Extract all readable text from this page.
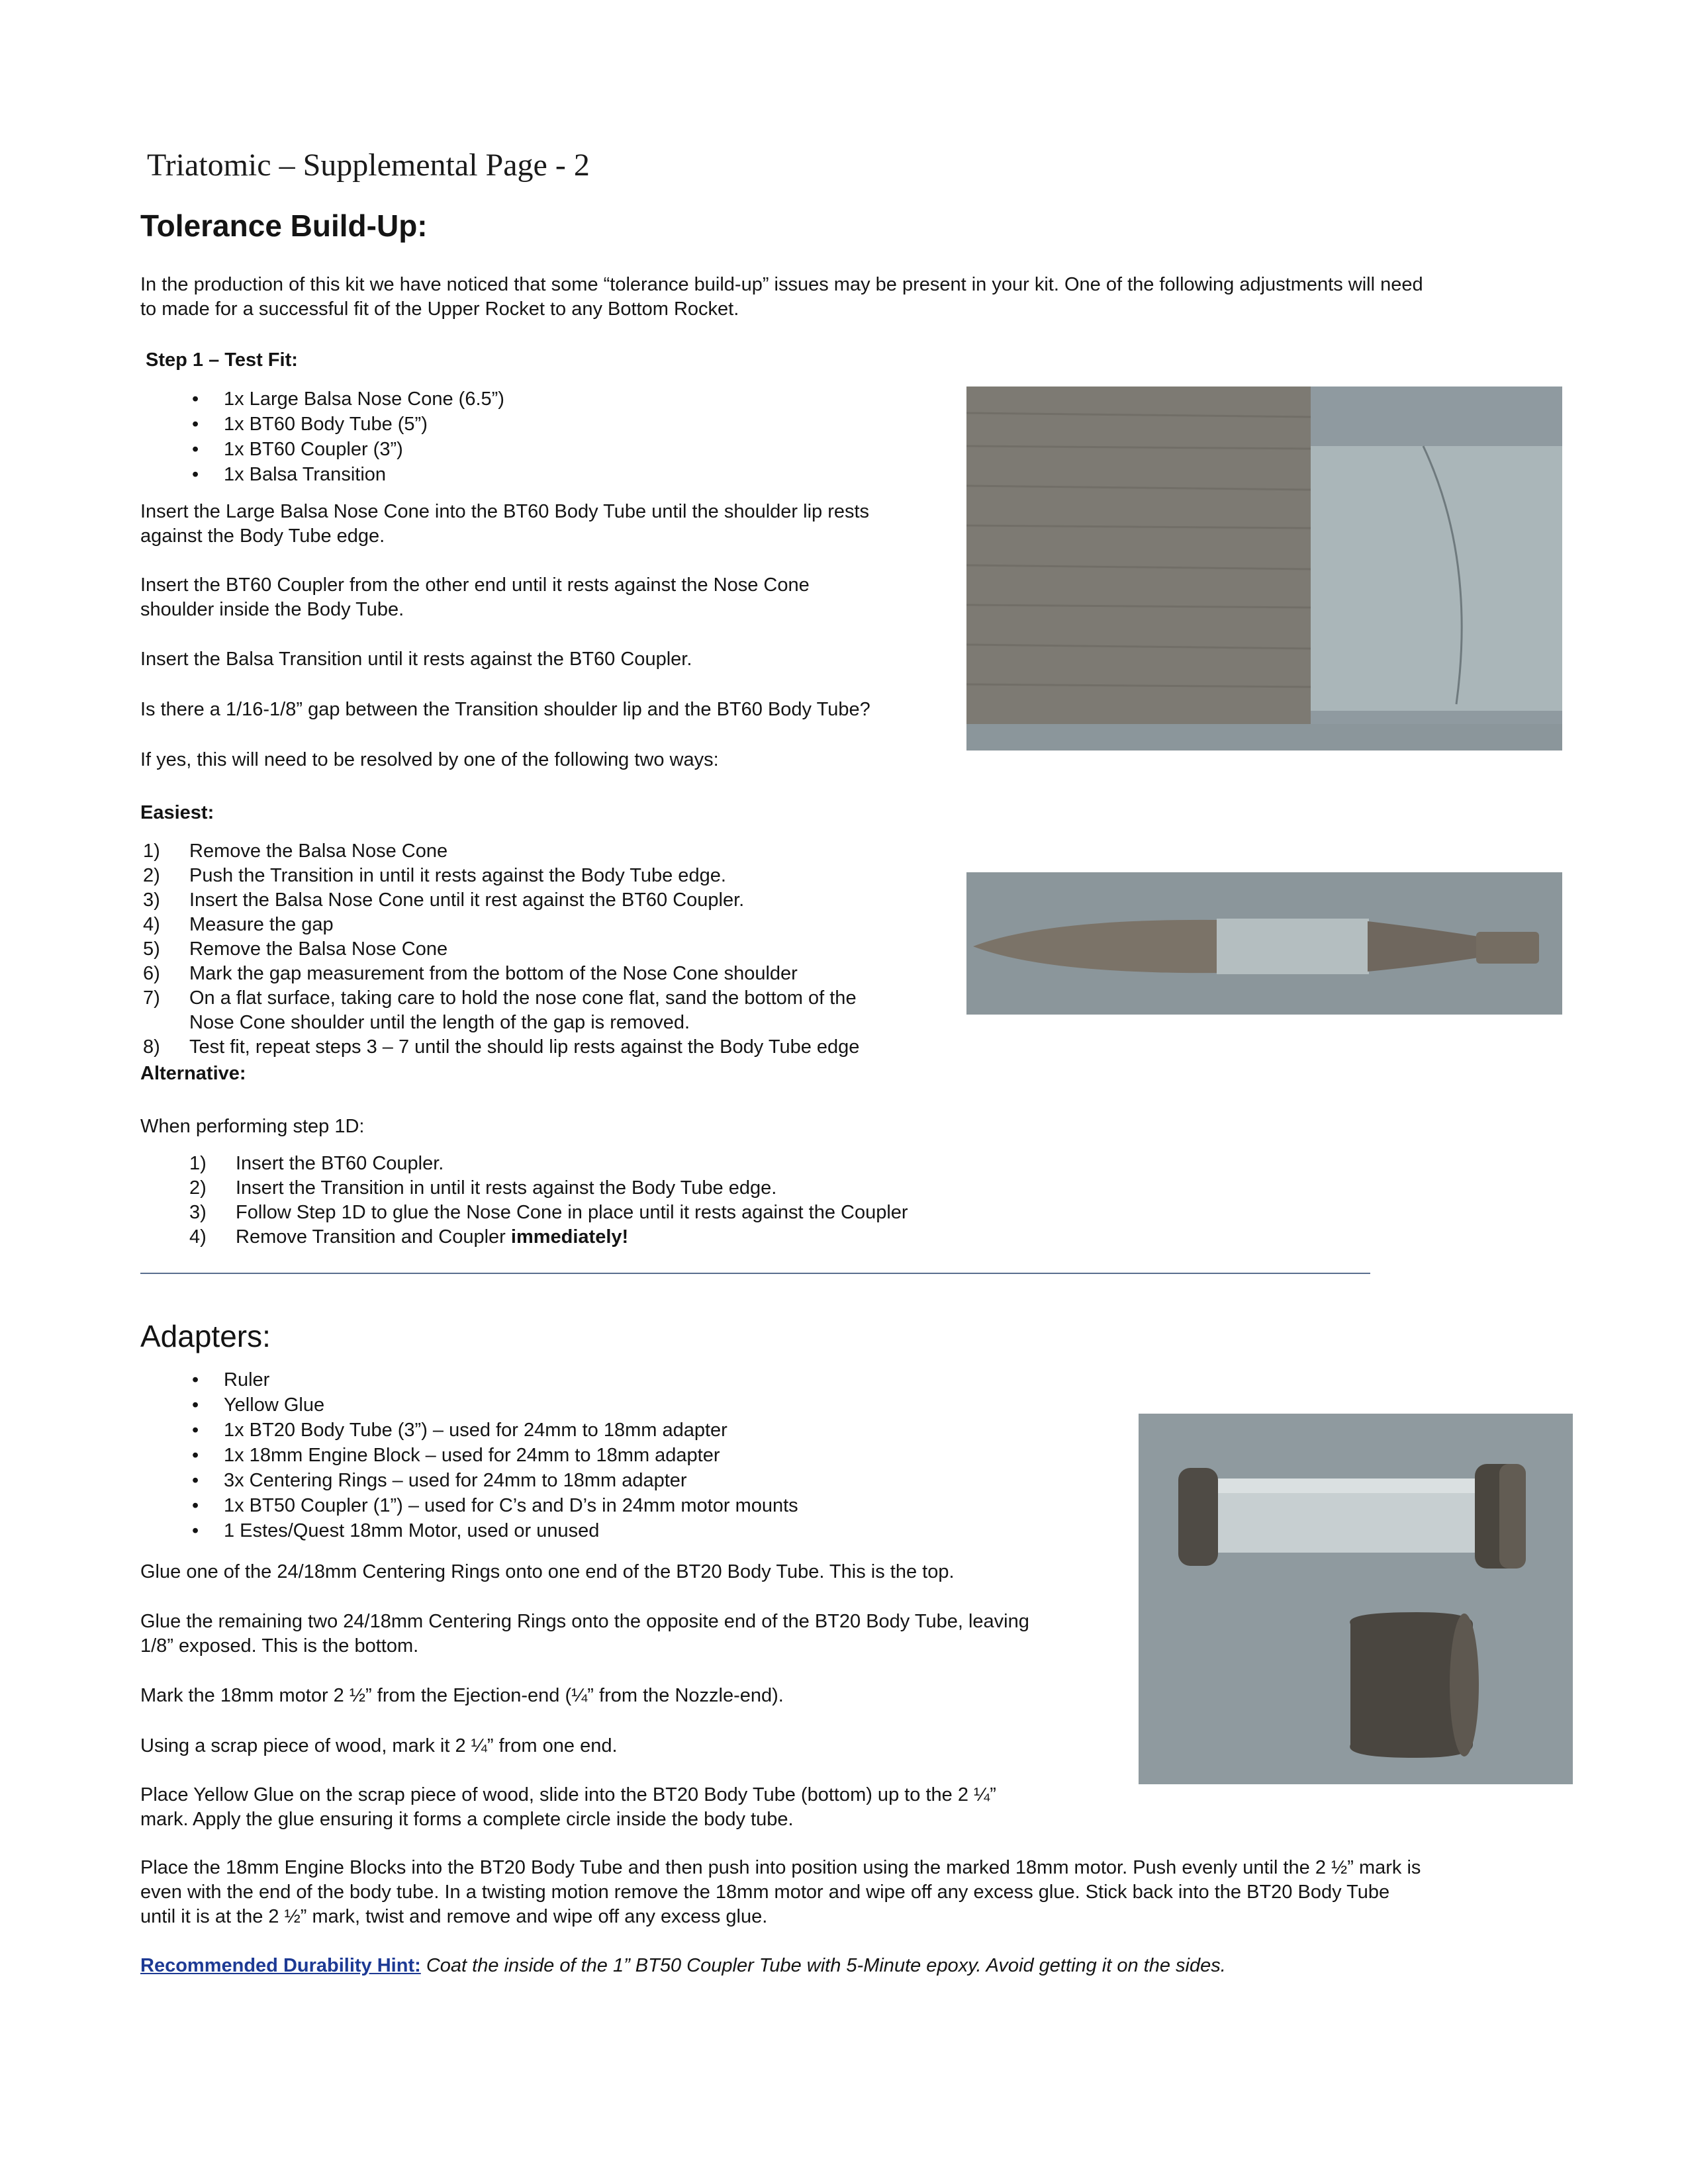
Triatomic – Supplemental Page - 2
Tolerance Build-Up:
In the production of this kit we have noticed that some “tolerance build-up” issues may be present in your kit. One of the following adjustments will need
to made for a successful fit of the Upper Rocket to any Bottom Rocket.
Step 1 – Test Fit:
• 1x Large Balsa Nose Cone (6.5”)
• 1x BT60 Body Tube (5”)
• 1x BT60 Coupler (3”)
• 1x Balsa Transition
Insert the Large Balsa Nose Cone into the BT60 Body Tube until the shoulder lip rests
against the Body Tube edge.
Insert the BT60 Coupler from the other end until it rests against the Nose Cone
shoulder inside the Body Tube.
Insert the Balsa Transition until it rests against the BT60 Coupler.
Is there a 1/16-1/8” gap between the Transition shoulder lip and the BT60 Body Tube?
If yes, this will need to be resolved by one of the following two ways:
Easiest:
1) Remove the Balsa Nose Cone
2) Push the Transition in until it rests against the Body Tube edge.
3) Insert the Balsa Nose Cone until it rest against the BT60 Coupler.
4) Measure the gap
5) Remove the Balsa Nose Cone
6) Mark the gap measurement from the bottom of the Nose Cone shoulder
7) On a flat surface, taking care to hold the nose cone flat, sand the bottom of the
Nose Cone shoulder until the length of the gap is removed.
8) Test fit, repeat steps 3 – 7 until the should lip rests against the Body Tube edge
Alternative:
When performing step 1D:
1) Insert the BT60 Coupler.
2) Insert the Transition in until it rests against the Body Tube edge.
3) Follow Step 1D to glue the Nose Cone in place until it rests against the Coupler
4) Remove Transition and Coupler immediately!
Adapters:
• Ruler
• Yellow Glue
• 1x BT20 Body Tube (3”) – used for 24mm to 18mm adapter
• 1x 18mm Engine Block – used for 24mm to 18mm adapter
• 3x Centering Rings – used for 24mm to 18mm adapter
• 1x BT50 Coupler (1”) – used for C’s and D’s in 24mm motor mounts
• 1 Estes/Quest 18mm Motor, used or unused
Glue one of the 24/18mm Centering Rings onto one end of the BT20 Body Tube. This is the top.
Glue the remaining two 24/18mm Centering Rings onto the opposite end of the BT20 Body Tube, leaving
1/8” exposed. This is the bottom.
Mark the 18mm motor 2 ½” from the Ejection-end (¼” from the Nozzle-end).
Using a scrap piece of wood, mark it 2 ¼” from one end.
Place Yellow Glue on the scrap piece of wood, slide into the BT20 Body Tube (bottom) up to the 2 ¼”
mark. Apply the glue ensuring it forms a complete circle inside the body tube.
Place the 18mm Engine Blocks into the BT20 Body Tube and then push into position using the marked 18mm motor. Push evenly until the 2 ½” mark is
even with the end of the body tube. In a twisting motion remove the 18mm motor and wipe off any excess glue. Stick back into the BT20 Body Tube
until it is at the 2 ½” mark, twist and remove and wipe off any excess glue.
Recommended Durability Hint: Coat the inside of the 1” BT50 Coupler Tube with 5-Minute epoxy. Avoid getting it on the sides.
